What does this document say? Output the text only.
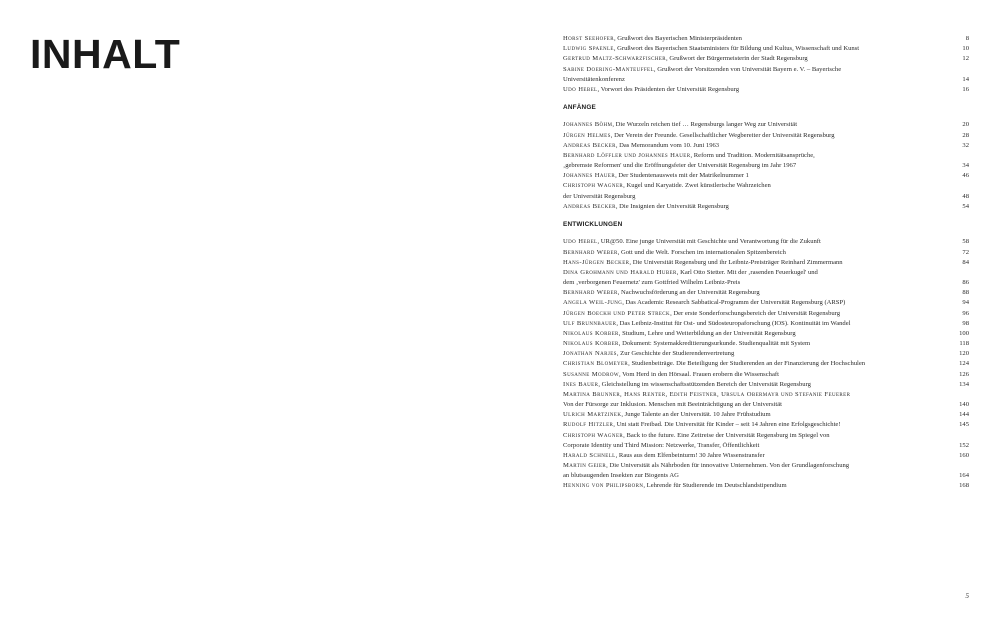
INHALT	Horst Seehofer, Grußwort des Bayerischen Ministerpräsidenten	8
Ludwig Spaenle, Grußwort des Bayerischen Staatsministers für Bildung und Kultus, Wissenschaft und Kunst	10
Gertrud Maltz-Schwarzfischer, Grußwort der Bürgermeisterin der Stadt Regensburg	12
Sabine Doering-Manteuffel, Grußwort der Vorsitzenden von Universität Bayern e. V. – Bayerische
Universitätenkonferenz	14
Udo Hebel, Vorwort des Präsidenten der Universität Regensburg	16
ANFÄNGE
Johannes Böhm, Die Wurzeln reichen tief … Regensburgs langer Weg zur Universität	20
Jürgen Helmes, Der Verein der Freunde. Gesellschaftlicher Wegbereiter der Universität Regensburg	28
Andreas Becker, Das Memorandum vom 10. Juni 1963	32
Bernhard Löffler und Johannes Hauer, Reform und Tradition. Modernitätsansprüche,
‚gebremste Reformen' und die Eröffnungsfeier der Universität Regensburg im Jahr 1967	34
Johannes Hauer, Der Studentenausweis mit der Matrikelnummer 1	46
Christoph Wagner, Kugel und Karyatide. Zwei künstlerische Wahrzeichen
der Universität Regensburg	48
Andreas Becker, Die Insignien der Universität Regensburg	54
ENTWICKLUNGEN
Udo Hebel, UR@50. Eine junge Universität mit Geschichte und Verantwortung für die Zukunft	58
Bernhard Weber, Gott und die Welt. Forschen im internationalen Spitzenbereich	72
Hans-Jürgen Becker, Die Universität Regensburg und ihr Leibniz-Preisträger Reinhard Zimmermann	84
Dina Grohmann und Harald Huber, Karl Otto Stetter. Mit der ‚rasenden Feuerkugel' und
dem ‚verborgenen Feuernetz' zum Gottfried Wilhelm Leibniz-Preis	86
Bernhard Weber, Nachwuchsförderung an der Universität Regensburg	88
Angela Weil-Jung, Das Academic Research Sabbatical-Programm der Universität Regensburg (ARSP)	94
Jürgen Boeckh und Peter Streck, Der erste Sonderforschungsbereich der Universität Regensburg	96
Ulf Brunnbauer, Das Leibniz-Institut für Ost- und Südosteuropaforschung (IOS). Kontinuität im Wandel	98
Nikolaus Korber, Studium, Lehre und Weiterbildung an der Universität Regensburg	100
Nikolaus Korber, Dokument: Systemakkreditierungsurkunde. Studienqualität mit System	118
Jonathan Narjes, Zur Geschichte der Studierendenvertretung	120
Christian Blomeyer, Studienbeiträge. Die Beteiligung der Studierenden an der Finanzierung der Hochschulen	124
Susanne Modrow, Vom Herd in den Hörsaal. Frauen erobern die Wissenschaft	126
Ines Bauer, Gleichstellung im wissenschaftsstützenden Bereich der Universität Regensburg	134
Martina Brunner, Hans Renter, Edith Feistner, Ursula Obermayr und Stefanie Feuerer
Von der Fürsorge zur Inklusion. Menschen mit Beeinträchtigung an der Universität	140
Ulrich Martzinek, Junge Talente an der Universität. 10 Jahre Frühstudium	144
Rudolf Hitzler, Uni statt Freibad. Die Universität für Kinder – seit 14 Jahren eine Erfolgsgeschichte!	145
Christoph Wagner, Back to the future. Eine Zeitreise der Universität Regensburg im Spiegel von
Corporate Identity und Third Mission: Netzwerke, Transfer, Öffentlichkeit	152
Harald Schnell, Raus aus dem Elfenbeinturm! 30 Jahre Wissenstransfer	160
Martin Geier, Die Universität als Nährboden für innovative Unternehmen. Von der Grundlagenforschung
an blutsaugenden Insekten zur Biogents AG	164
Henning von Philipsborn, Lehrende für Studierende im Deutschlandstipendium	168
5
